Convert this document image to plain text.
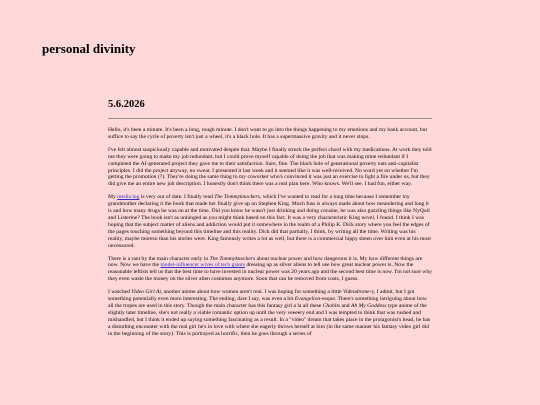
personal divinity
5.6.2026

Hello, it's been a minute. It's been a long, rough minute. I don't want to go into the things happening to my emotions and my bank account, but suffice to say the cycle of poverty isn't just a wheel, it's a black hole. It has a supermassive gravity and it never stops.

I've felt almost suspiciously capable and motivated despite that. Maybe I finally struck the perfect chord with my medications. At work they told me they were going to make my job redundant, but I could prove myself capable of doing the job that was making mine redundant if I completed the AI-generated project they gave me to their satisfaction. Sure, fine. The black hole of generational poverty eats anti-capitalist principles. I did the project anyway, no sweat. I presented it last week and it seemed like it was well-received. No word yet on whether I'm getting the promotion (?). They're doing the same thing to my coworker who's convinced it was just an exercise to light a fire under us, but they did give me an entire new job description. I honestly don't think there was a real plan here. Who knows. We'll see. I had fun, either way.

My media log is very out of date. I finally read The Tommyknockers, which I've wanted to read for a long time because I remember my grandmother declaring it the book that made her finally give up on Stephen King. Much fuss is always made about how meandering and long it is and how many drugs he was on at the time. Did you know he wasn't just drinking and doing cocaine, he was also guzzling things like NyQuil and Listerine? The book isn't as unhinged as you might think based on this fact. It was a very characteristic King novel, I found. I think I was hoping that the subject matter of aliens and addiction would put it somewhere in the realm of a Philip K. Dick story where you feel the edges of the pages touching something beyond this timeline and this reality. Dick did that partially, I think, by writing all the time. Writing was his reality, maybe moreso than his stories were. King famously writes a lot as well, but there is a commercial hippy sheen over him even at his most uncensored.

There is a rant by the main character early in The Tommyknockers about nuclear power and how dangerous it is. My how different things are now. Now we have the model-influencer wives of tech giants dressing up as silver aliens to tell use how great nuclear power is. Now the reasonable leftists tell us that the best time to have invested in nuclear power was 20 years ago and the second best time is now. I'm not sure why they even waste the money on the silver alien costumes anymore. Soon that can be removed from costs, I guess.

I watched Video Girl Ai, another anime about how women aren't real. I was hoping for something a little Videodrome-y, I admit, but I got something potentially even more interesting. The ending, dare I say, was even a bit Evangelion-esque. There's something intriguing about how all the tropes are used in this story. Though the main character has this fantasy girl a la all these Chobits and Ah My Goddess type anime of the slightly later timeline, she's not really a viable romantic option up until the very veeeery end and I was tempted to think that was rushed and mishandled, but I think it ended up saying something fascinating as a result. In a "video" dream that takes place in the protagonist's head, he has a disturbing encounter with the real girl he's in love with where she eagerly throws herself at him (in the same manner his fantasy video girl did in the beginning of the story). This is portrayed as horrific, then he goes through a series of
